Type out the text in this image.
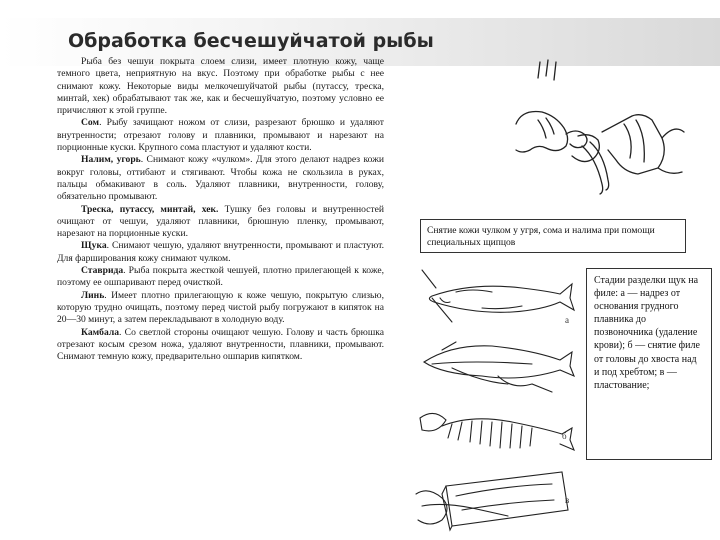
Обработка бесчешуйчатой рыбы

Рыба без чешуи покрыта слоем слизи, имеет плотную кожу, чаще темного цвета, неприятную на вкус. Поэтому при обработке рыбы с нее снимают кожу. Некоторые виды мелкочешуйчатой рыбы (путассу, треска, минтай, хек) обрабатывают так же, как и бесчешуйчатую, поэтому условно ее причисляют к этой группе.

Сом. Рыбу зачищают ножом от слизи, разрезают брюшко и удаляют внутренности; отрезают голову и плавники, промывают и нарезают на порционные куски. Крупного сома пластуют и удаляют кости.

Налим, угорь. Снимают кожу «чулком». Для этого делают надрез кожи вокруг головы, оттибают и стягивают. Чтобы кожа не скользила в руках, пальцы обмакивают в соль. Удаляют плавники, внутренности, голову, обязательно промывают.

Треска, путассу, минтай, хек. Тушку без головы и внутренностей очищают от чешуи, удаляют плавники, брюшную пленку, промывают, нарезают на порционные куски.

Щука. Снимают чешую, удаляют внутренности, промывают и пластуют. Для фарширования кожу снимают чулком.

Ставрида. Рыба покрыта жесткой чешуей, плотно прилегающей к коже, поэтому ее ошпаривают перед очисткой.

Линь. Имеет плотно прилегающую к коже чешую, покрытую слизью, которую трудно очищать, поэтому перед чистой рыбу погружают в кипяток на 20—30 минут, а затем перекладывают в холодную воду.

Камбала. Со светлой стороны очищают чешую. Голову и часть брюшка отрезают косым срезом ножа, удаляют внутренности, плавники, промывают. Снимают темную кожу, предварительно ошпарив кипятком.

Снятие кожи чулком у угря, сома и налима при помощи специальных щипцов
а
б
в
Стадии разделки щук на филе: а — надрез от основания грудного плавника до позвоночника (удаление крови); б — снятие филе от головы до хвоста над и под хребтом; в — пластование;
